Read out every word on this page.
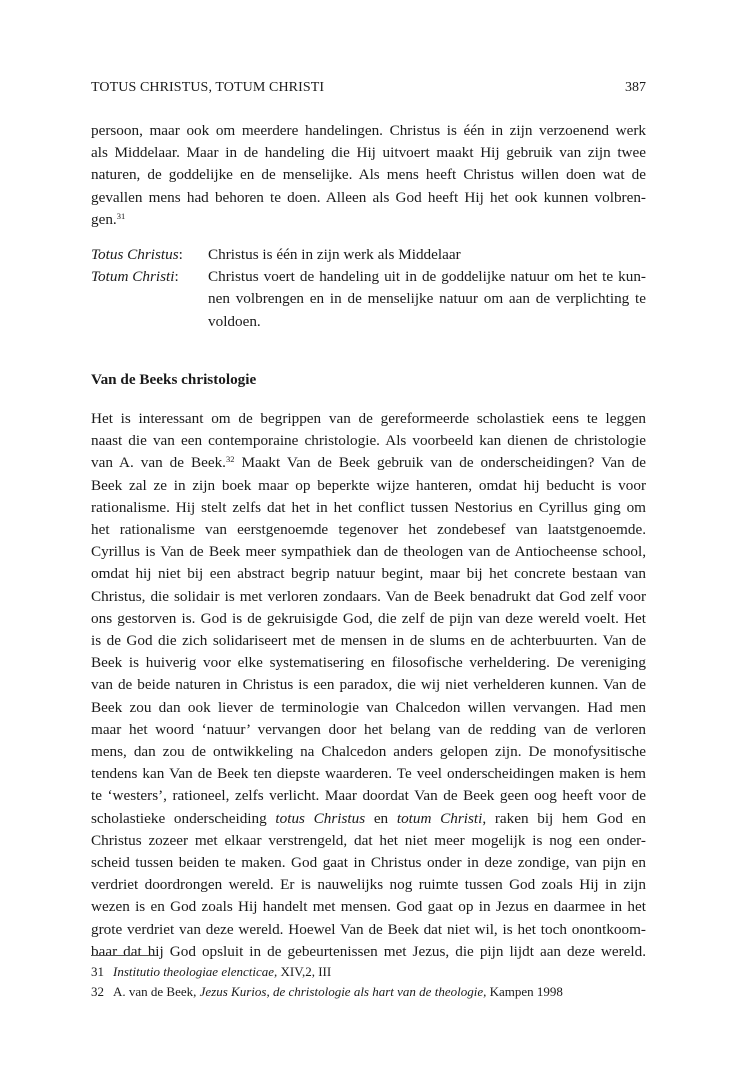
TOTUS CHRISTUS, TOTUM CHRISTI	387
persoon, maar ook om meerdere handelingen. Christus is één in zijn verzoenend werk
als Middelaar. Maar in de handeling die Hij uitvoert maakt Hij gebruik van zijn twee
naturen, de goddelijke en de menselijke. Als mens heeft Christus willen doen wat de
gevallen mens had behoren te doen. Alleen als God heeft Hij het ook kunnen volbren-
gen.$^{31}$
Totus Christus: Christus is één in zijn werk als Middelaar
Totum Christi: Christus voert de handeling uit in de goddelijke natuur om het te kun-
nen volbrengen en in de menselijke natuur om aan de verplichting te
voldoen.
Van de Beeks christologie
Het is interessant om de begrippen van de gereformeerde scholastiek eens te leggen
naast die van een contemporaine christologie. Als voorbeeld kan dienen de christologie
van A. van de Beek.$^{32}$ Maakt Van de Beek gebruik van de onderscheidingen? Van de
Beek zal ze in zijn boek maar op beperkte wijze hanteren, omdat hij beducht is voor
rationalisme. Hij stelt zelfs dat het in het conflict tussen Nestorius en Cyrillus ging om
het rationalisme van eerstgenoemde tegenover het zondebesef van laatstgenoemde.
Cyrillus is Van de Beek meer sympathiek dan de theologen van de Antiocheense school,
omdat hij niet bij een abstract begrip natuur begint, maar bij het concrete bestaan van
Christus, die solidair is met verloren zondaars. Van de Beek benadrukt dat God zelf voor
ons gestorven is. God is de gekruisigde God, die zelf de pijn van deze wereld voelt. Het
is de God die zich solidariseert met de mensen in de slums en de achterbuurten. Van de
Beek is huiverig voor elke systematisering en filosofische verheldering. De vereniging
van de beide naturen in Christus is een paradox, die wij niet verhelderen kunnen. Van de
Beek zou dan ook liever de terminologie van Chalcedon willen vervangen. Had men
maar het woord ‘natuur’ vervangen door het belang van de redding van de verloren
mens, dan zou de ontwikkeling na Chalcedon anders gelopen zijn. De monofysitische
tendens kan Van de Beek ten diepste waarderen. Te veel onderscheidingen maken is hem
te ‘westers’, rationeel, zelfs verlicht. Maar doordat Van de Beek geen oog heeft voor de
scholastieke onderscheiding totus Christus en totum Christi, raken bij hem God en
Christus zozeer met elkaar verstrengeld, dat het niet meer mogelijk is nog een onder-
scheid tussen beiden te maken. God gaat in Christus onder in deze zondige, van pijn en
verdriet doordrongen wereld. Er is nauwelijks nog ruimte tussen God zoals Hij in zijn
wezen is en God zoals Hij handelt met mensen. God gaat op in Jezus en daarmee in het
grote verdriet van deze wereld. Hoewel Van de Beek dat niet wil, is het toch onontkoom-
baar dat hij God opsluit in de gebeurtenissen met Jezus, die pijn lijdt aan deze wereld.
31 Institutio theologiae elencticae, XIV,2, III
32 A. van de Beek, Jezus Kurios, de christologie als hart van de theologie, Kampen 1998
